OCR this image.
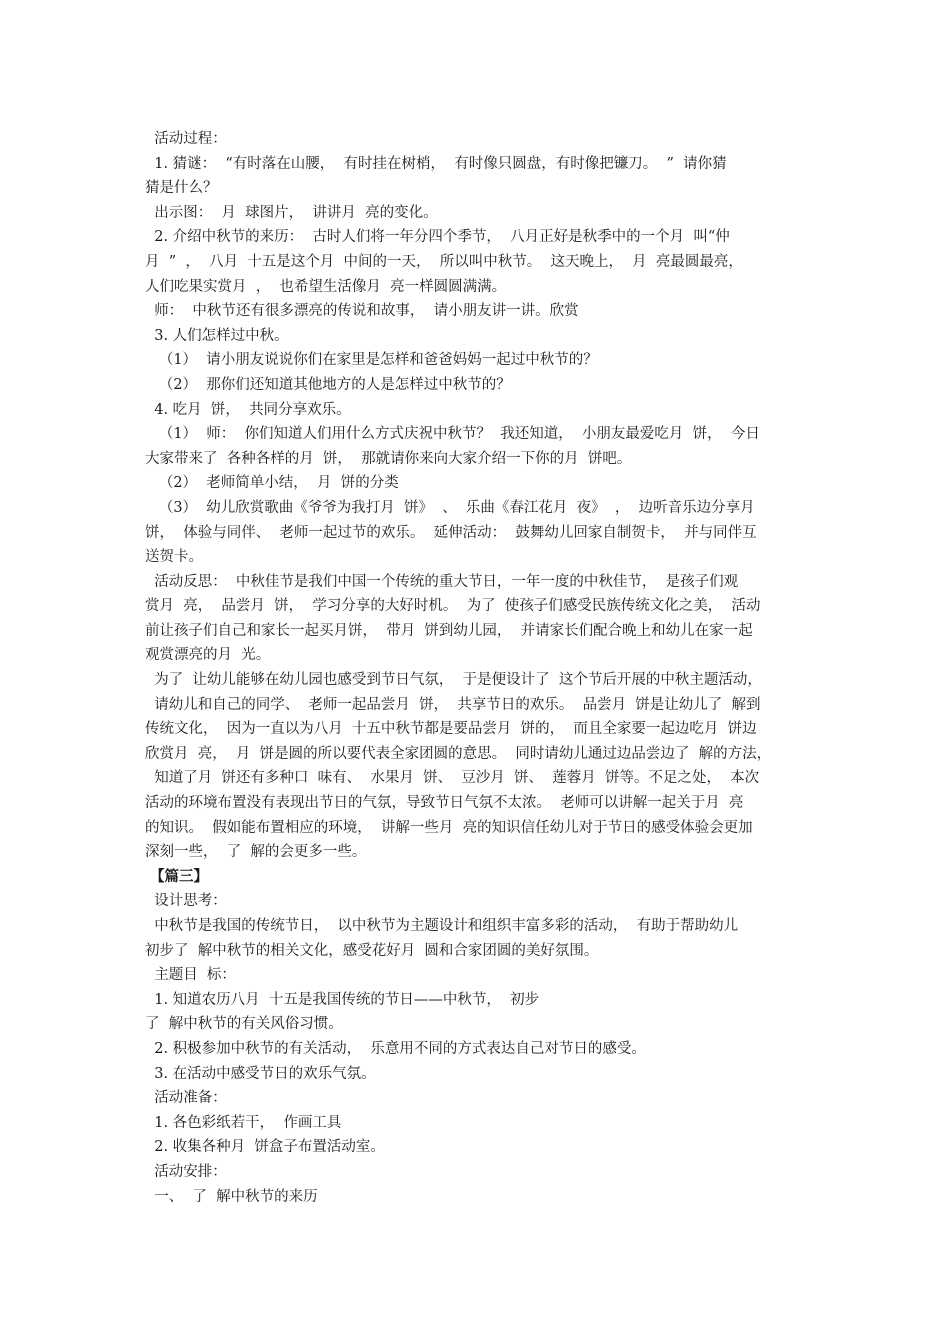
活动过程：
1. 猜谜：  “有时落在山腰，  有时挂在树梢，  有时像只圆盘，有时像把镰刀。  ”  请你猜
猜是什么？
出示图：  月  球图片，  讲讲月  亮的变化。
2. 介绍中秋节的来历：  古时人们将一年分四个季节，  八月正好是秋季中的一个月  叫“仲
月  ”  ，  八月  十五是这个月  中间的一天，  所以叫中秋节。  这天晚上，  月  亮最圆最亮，
人们吃果实赏月  ，  也希望生活像月  亮一样圆圆满满。
师：  中秋节还有很多漂亮的传说和故事，  请小朋友讲一讲。欣赏
3. 人们怎样过中秋。
（1）  请小朋友说说你们在家里是怎样和爸爸妈妈一起过中秋节的？
（2）  那你们还知道其他地方的人是怎样过中秋节的？
4. 吃月  饼，  共同分享欢乐。
（1）  师：  你们知道人们用什么方式庆祝中秋节？  我还知道，  小朋友最爱吃月  饼，  今日
大家带来了  各种各样的月  饼，  那就请你来向大家介绍一下你的月  饼吧。
（2）  老师简单小结，  月  饼的分类
（3）  幼儿欣赏歌曲《爷爷为我打月  饼》  、  乐曲《春江花月  夜》  ，  边听音乐边分享月
饼，  体验与同伴、  老师一起过节的欢乐。  延伸活动：  鼓舞幼儿回家自制贺卡，  并与同伴互
送贺卡。
活动反思：  中秋佳节是我们中国一个传统的重大节日，一年一度的中秋佳节，  是孩子们观
赏月  亮，  品尝月  饼，  学习分享的大好时机。  为了  使孩子们感受民族传统文化之美，  活动
前让孩子们自己和家长一起买月饼，  带月  饼到幼儿园，  并请家长们配合晚上和幼儿在家一起
观赏漂亮的月  光。
为了  让幼儿能够在幼儿园也感受到节日气氛，  于是便设计了  这个节后开展的中秋主题活动，
请幼儿和自己的同学、  老师一起品尝月  饼，  共享节日的欢乐。  品尝月  饼是让幼儿了  解到
传统文化，  因为一直以为八月  十五中秋节都是要品尝月  饼的，  而且全家要一起边吃月  饼边
欣赏月  亮，  月  饼是圆的所以要代表全家团圆的意思。  同时请幼儿通过边品尝边了  解的方法，
知道了月  饼还有多种口  味有、  水果月  饼、  豆沙月  饼、  莲蓉月  饼等。不足之处，  本次
活动的环境布置没有表现出节日的气氛，导致节日气氛不太浓。  老师可以讲解一起关于月  亮
的知识。  假如能布置相应的环境，  讲解一些月  亮的知识信任幼儿对于节日的感受体验会更加
深刻一些，  了  解的会更多一些。
【篇三】
设计思考：
中秋节是我国的传统节日，  以中秋节为主题设计和组织丰富多彩的活动，  有助于帮助幼儿
初步了  解中秋节的相关文化，感受花好月  圆和合家团圆的美好氛围。
主题目  标：
1. 知道农历八月  十五是我国传统的节日——中秋节，  初步
了  解中秋节的有关风俗习惯。
2. 积极参加中秋节的有关活动，  乐意用不同的方式表达自己对节日的感受。
3. 在活动中感受节日的欢乐气氛。
活动准备：
1. 各色彩纸若干，  作画工具
2. 收集各种月  饼盒子布置活动室。
活动安排：
一、  了  解中秋节的来历
